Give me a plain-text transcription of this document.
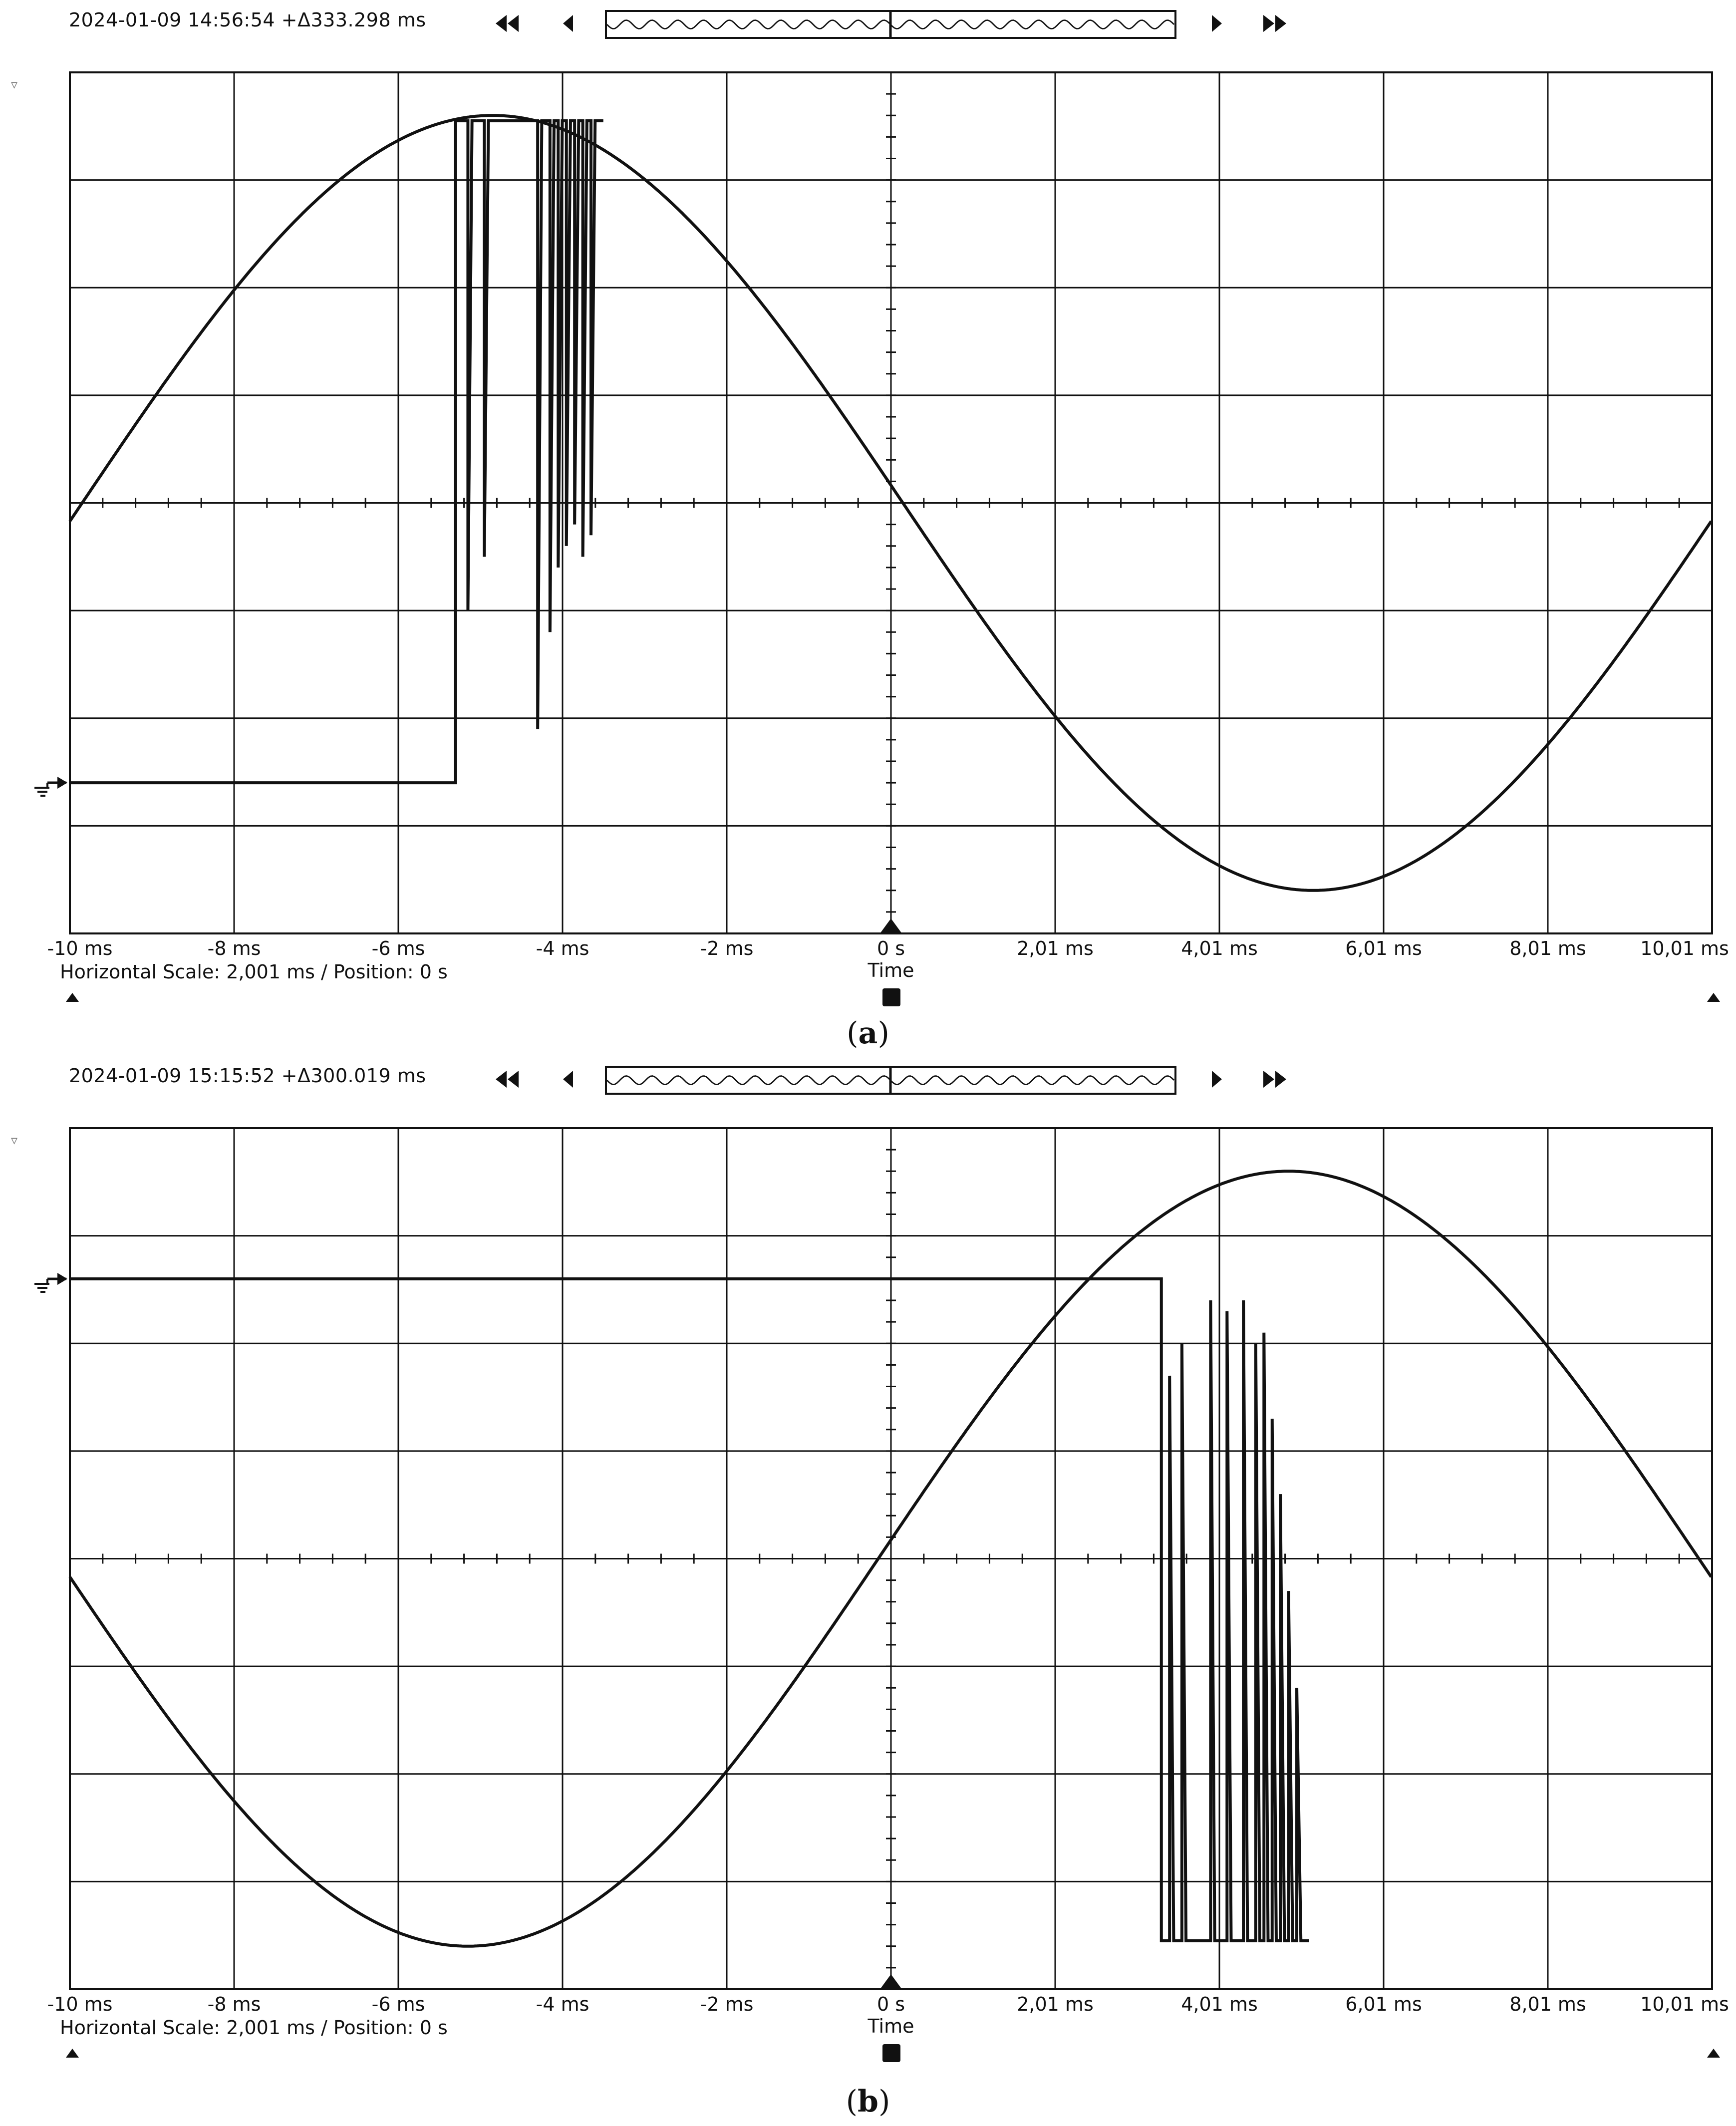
2024-01-09 14:56:54 +Δ333.298 ms
▿
-10 ms	-8 ms	-6 ms	-4 ms	-2 ms	0 s	2,01 ms	4,01 ms	6,01 ms	8,01 ms	10,01 ms
Time
Horizontal Scale: 2,001 ms / Position: 0 s
(a)
2024-01-09 15:15:52 +Δ300.019 ms
▿
-10 ms	-8 ms	-6 ms	-4 ms	-2 ms	0 s	2,01 ms	4,01 ms	6,01 ms	8,01 ms	10,01 ms
Time
Horizontal Scale: 2,001 ms / Position: 0 s
(b)
